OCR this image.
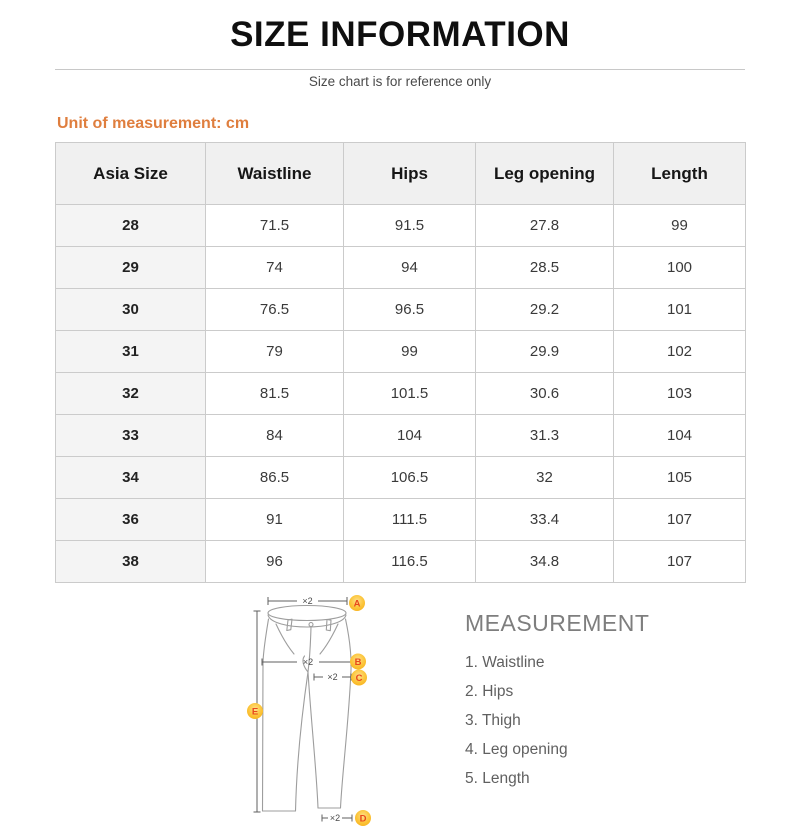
SIZE INFORMATION

Size chart is for reference only

Unit of measurement: cm

Asia Size	Waistline	Hips	Leg opening	Length
28	71.5	91.5	27.8	99
29	74	94	28.5	100
30	76.5	96.5	29.2	101
31	79	99	29.9	102
32	81.5	101.5	30.6	103
33	84	104	31.3	104
34	86.5	106.5	32	105
36	91	111.5	33.4	107
38	96	116.5	34.8	107
×2
×2
×2
×2
A
B
C
E
D
MEASUREMENT
1. Waistline
2. Hips
3. Thigh
4. Leg opening
5. Length
